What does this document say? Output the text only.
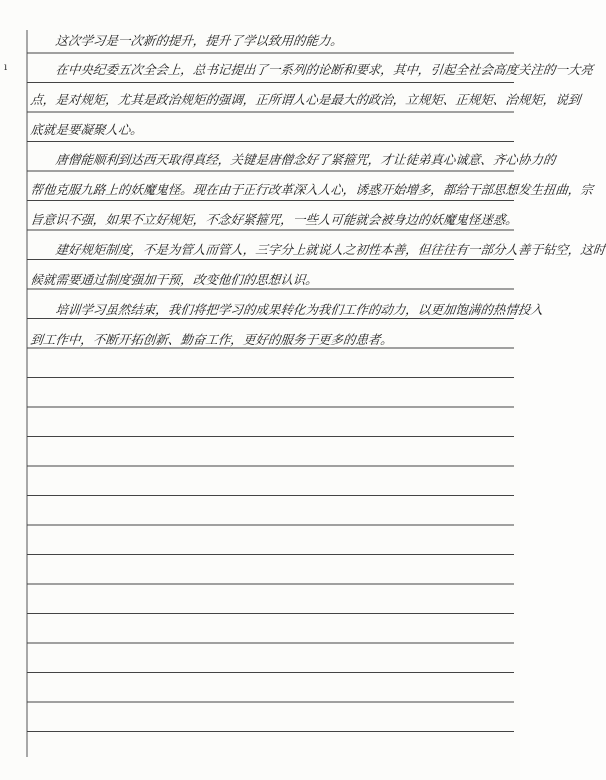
ı
　　这次学习是一次新的提升，提升了学以致用的能力。
　　在中央纪委五次全会上，总书记提出了一系列的论断和要求，其中，引起全社会高度关注的一大亮
点，是对规矩，尤其是政治规矩的强调，正所谓人心是最大的政治，立规矩、正规矩、治规矩，说到
底就是要凝聚人心。
　　唐僧能顺利到达西天取得真经，关键是唐僧念好了紧箍咒，才让徒弟真心诚意、齐心协力的
帮他克服九路上的妖魔鬼怪。现在由于正行改革深入人心，诱惑开始增多，都给干部思想发生扭曲，宗
旨意识不强，如果不立好规矩，不念好紧箍咒，一些人可能就会被身边的妖魔鬼怪迷惑。
　　建好规矩制度，不是为管人而管人，三字分上就说人之初性本善，但往往有一部分人善于钻空，这时
候就需要通过制度强加干预，改变他们的思想认识。
　　培训学习虽然结束，我们将把学习的成果转化为我们工作的动力，以更加饱满的热情投入
到工作中，不断开拓创新、勤奋工作，更好的服务于更多的患者。
